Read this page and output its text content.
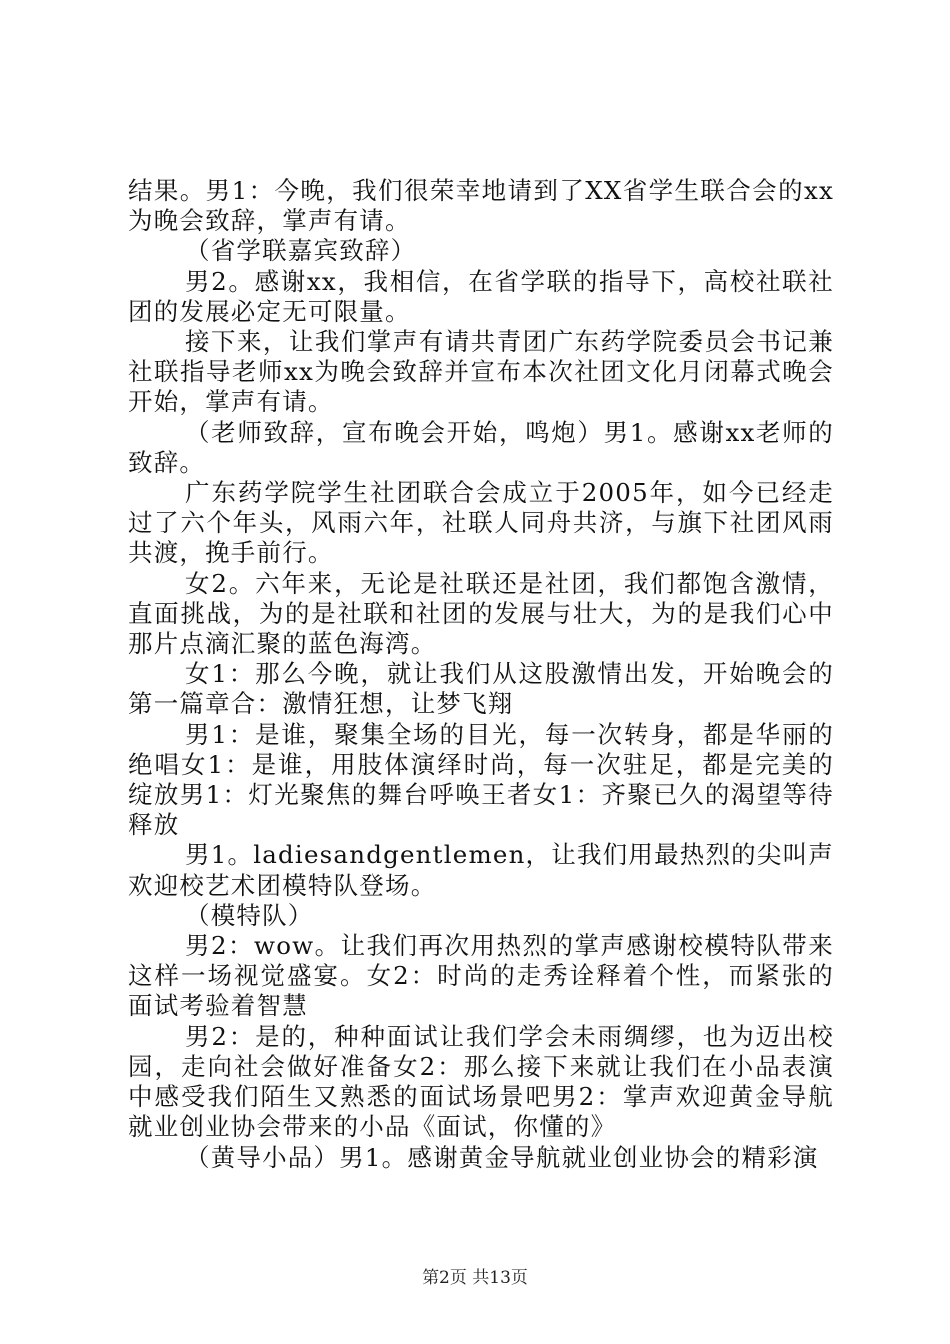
结果。男1：今晚，我们很荣幸地请到了XX省学生联合会的xx为晚会致辞，掌声有请。

（省学联嘉宾致辞）

男2。感谢xx，我相信，在省学联的指导下，高校社联社团的发展必定无可限量。

接下来，让我们掌声有请共青团广东药学院委员会书记兼社联指导老师xx为晚会致辞并宣布本次社团文化月闭幕式晚会开始，掌声有请。

（老师致辞，宣布晚会开始，鸣炮）男1。感谢xx老师的致辞。

广东药学院学生社团联合会成立于2005年，如今已经走过了六个年头，风雨六年，社联人同舟共济，与旗下社团风雨共渡，挽手前行。

女2。六年来，无论是社联还是社团，我们都饱含激情，直面挑战，为的是社联和社团的发展与壮大，为的是我们心中那片点滴汇聚的蓝色海湾。

女1：那么今晚，就让我们从这股激情出发，开始晚会的第一篇章合：激情狂想，让梦飞翔

男1：是谁，聚集全场的目光，每一次转身，都是华丽的绝唱女1：是谁，用肢体演绎时尚，每一次驻足，都是完美的绽放男1：灯光聚焦的舞台呼唤王者女1：齐聚已久的渴望等待释放

男1。ladiesandgentlemen，让我们用最热烈的尖叫声欢迎校艺术团模特队登场。

（模特队）

男2：wow。让我们再次用热烈的掌声感谢校模特队带来这样一场视觉盛宴。女2：时尚的走秀诠释着个性，而紧张的面试考验着智慧

男2：是的，种种面试让我们学会未雨绸缪，也为迈出校园，走向社会做好准备女2：那么接下来就让我们在小品表演中感受我们陌生又熟悉的面试场景吧男2：掌声欢迎黄金导航就业创业协会带来的小品《面试，你懂的》

（黄导小品）男1。感谢黄金导航就业创业协会的精彩演

第2页 共13页
